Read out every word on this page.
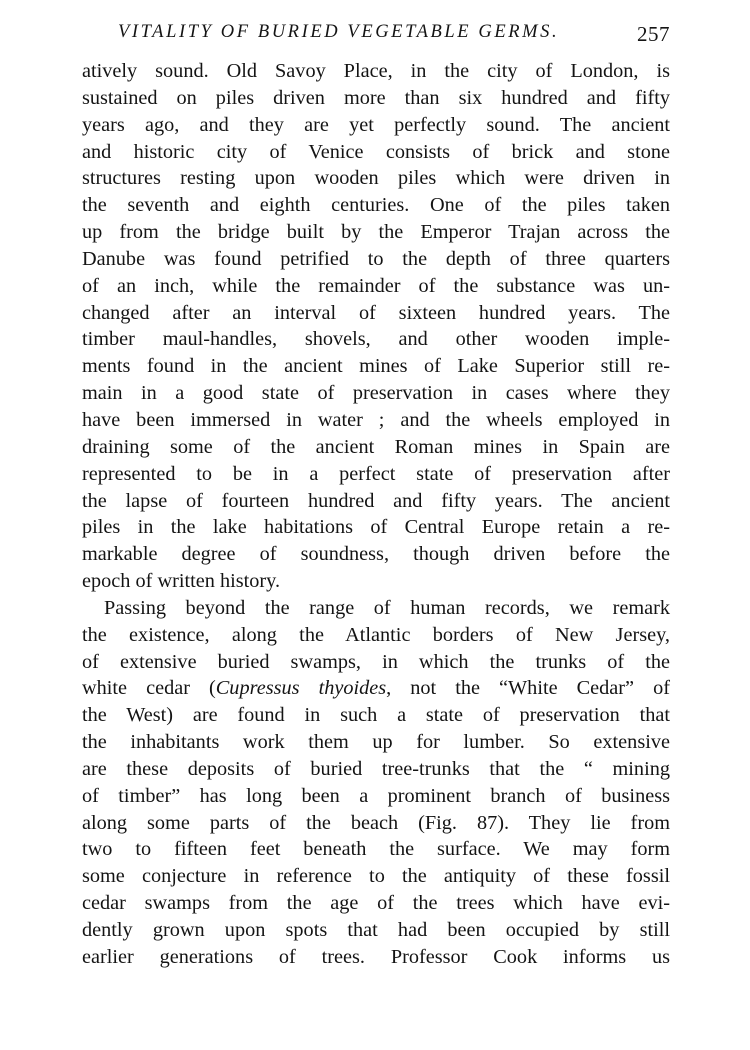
VITALITY OF BURIED VEGETABLE GERMS.	257
atively sound. Old Savoy Place, in the city of London, is
sustained on piles driven more than six hundred and fifty
years ago, and they are yet perfectly sound. The ancient
and historic city of Venice consists of brick and stone
structures resting upon wooden piles which were driven in
the seventh and eighth centuries. One of the piles taken
up from the bridge built by the Emperor Trajan across the
Danube was found petrified to the depth of three quarters
of an inch, while the remainder of the substance was un-
changed after an interval of sixteen hundred years. The
timber maul-handles, shovels, and other wooden imple-
ments found in the ancient mines of Lake Superior still re-
main in a good state of preservation in cases where they
have been immersed in water ; and the wheels employed in
draining some of the ancient Roman mines in Spain are
represented to be in a perfect state of preservation after
the lapse of fourteen hundred and fifty years. The ancient
piles in the lake habitations of Central Europe retain a re-
markable degree of soundness, though driven before the
epoch of written history.
Passing beyond the range of human records, we remark
the existence, along the Atlantic borders of New Jersey,
of extensive buried swamps, in which the trunks of the
white cedar (Cupressus thyoides, not the “White Cedar” of
the West) are found in such a state of preservation that
the inhabitants work them up for lumber. So extensive
are these deposits of buried tree-trunks that the “ mining
of timber” has long been a prominent branch of business
along some parts of the beach (Fig. 87). They lie from
two to fifteen feet beneath the surface. We may form
some conjecture in reference to the antiquity of these fossil
cedar swamps from the age of the trees which have evi-
dently grown upon spots that had been occupied by still
earlier generations of trees. Professor Cook informs us
